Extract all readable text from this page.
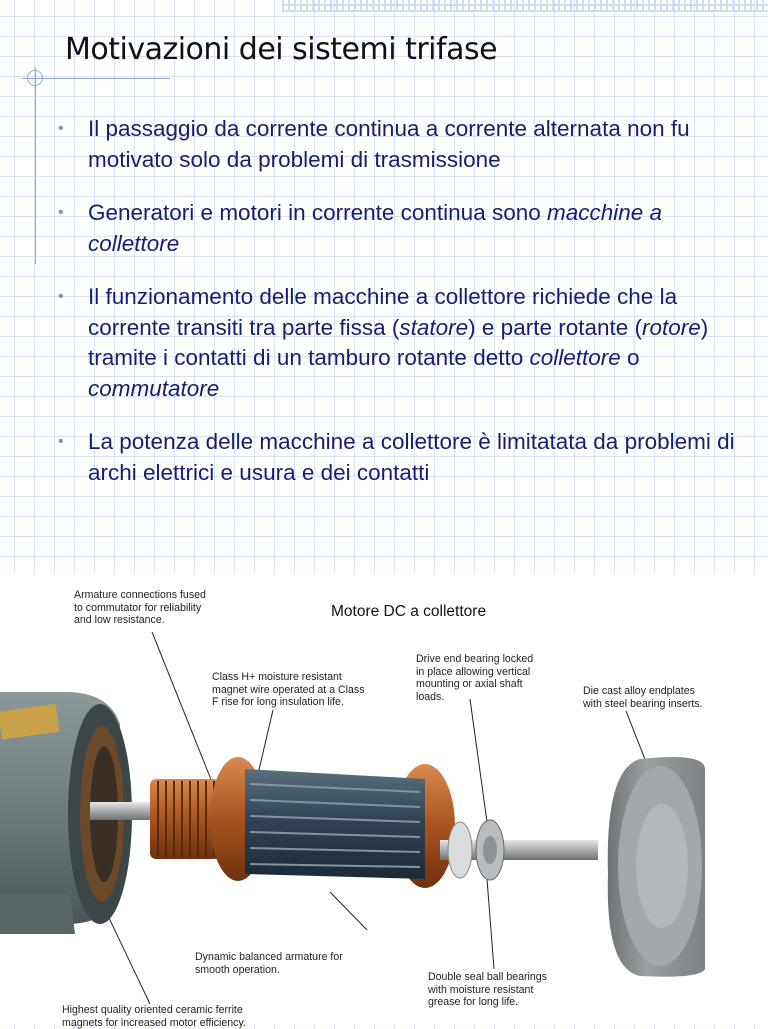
Motivazioni dei sistemi trifase
• Il passaggio da corrente continua a corrente alternata non fu motivato solo da problemi di trasmissione
• Generatori e motori in corrente continua sono macchine a collettore
• Il funzionamento delle macchine a collettore richiede che la corrente transiti tra parte fissa (statore) e parte rotante (rotore) tramite i contatti di un tamburo rotante detto collettore o commutatore
• La potenza delle macchine a collettore è limitatata da problemi di archi elettrici e usura e dei contatti
Motore DC a collettore
Armature connections fused
to commutator for reliability
and low resistance.
Class H+ moisture resistant
magnet wire operated at a Class
F rise for long insulation life.
Drive end bearing locked
in place allowing vertical
mounting or axial shaft
loads.	Die cast alloy endplates
with steel bearing inserts.
Dynamic balanced armature for
smooth operation.
Double seal ball bearings
with moisture resistant
grease for long life.
Highest quality oriented ceramic ferrite
magnets for increased motor efficiency.
